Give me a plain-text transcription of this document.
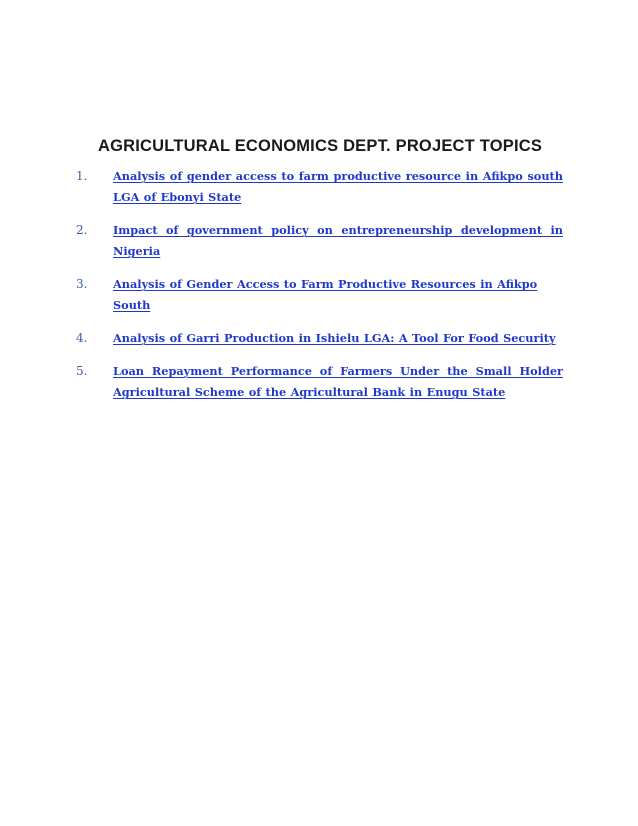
AGRICULTURAL ECONOMICS DEPT. PROJECT TOPICS
1. Analysis of gender access to farm productive resource in Afikpo south LGA of Ebonyi State
2. Impact of government policy on entrepreneurship development in Nigeria
3. Analysis of Gender Access to Farm Productive Resources in Afikpo South
4. Analysis of Garri Production in Ishielu LGA: A Tool For Food Security
5. Loan Repayment Performance of Farmers Under the Small Holder Agricultural Scheme of the Agricultural Bank in Enugu State
